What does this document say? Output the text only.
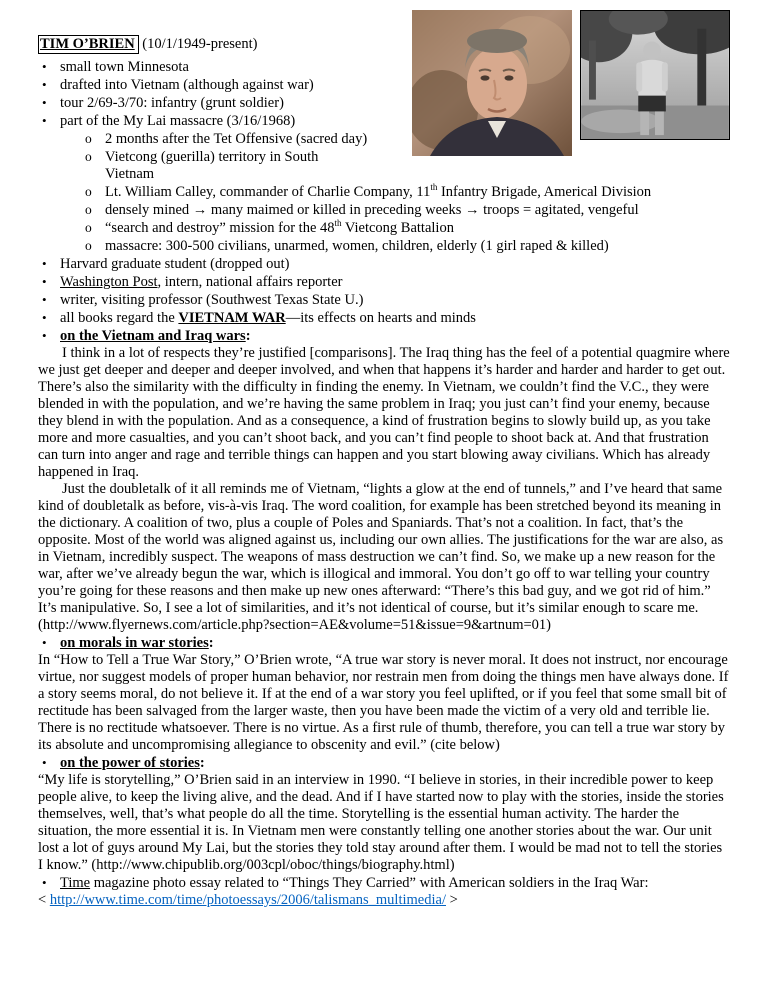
TIM O’BRIEN (10/1/1949-present)
• small town Minnesota
• drafted into Vietnam (although against war)
• tour 2/69-3/70: infantry (grunt soldier)
• part of the My Lai massacre (3/16/1968)
o 2 months after the Tet Offensive (sacred day)
o Vietcong (guerilla) territory in South Vietnam
o Lt. William Calley, commander of Charlie Company, 11th Infantry Brigade, Americal Division
o densely mined → many maimed or killed in preceding weeks → troops = agitated, vengeful
o “search and destroy” mission for the 48th Vietcong Battalion
o massacre: 300-500 civilians, unarmed, women, children, elderly (1 girl raped & killed)
• Harvard graduate student (dropped out)
• Washington Post, intern, national affairs reporter
• writer, visiting professor (Southwest Texas State U.)
• all books regard the VIETNAM WAR—its effects on hearts and minds
• on the Vietnam and Iraq wars:

I think in a lot of respects they’re justified [comparisons]. The Iraq thing has the feel of a potential quagmire where we just get deeper and deeper and deeper involved, and when that happens it’s harder and harder and harder to get out. There’s also the similarity with the difficulty in finding the enemy. In Vietnam, we couldn’t find the V.C., they were blended in with the population, and we’re having the same problem in Iraq; you just can’t find your enemy, because they blend in with the population. And as a consequence, a kind of frustration begins to slowly build up, as you take more and more casualties, and you can’t shoot back, and you can’t find people to shoot back at. And that frustration can turn into anger and rage and terrible things can happen and you start blowing away civilians. Which has already happened in Iraq.

Just the doubletalk of it all reminds me of Vietnam, “lights a glow at the end of tunnels,” and I’ve heard that same kind of doubletalk as before, vis-à-vis Iraq. The word coalition, for example has been stretched beyond its meaning in the dictionary. A coalition of two, plus a couple of Poles and Spaniards. That’s not a coalition. In fact, that’s the opposite. Most of the world was aligned against us, including our own allies. The justifications for the war are also, as in Vietnam, incredibly suspect. The weapons of mass destruction we can’t find. So, we make up a new reason for the war, after we’ve already begun the war, which is illogical and immoral. You don’t go off to war telling your country you’re going for these reasons and then make up new ones afterward: “There’s this bad guy, and we got rid of him.” It’s manipulative. So, I see a lot of similarities, and it’s not identical of course, but it’s similar enough to scare me.

(http://www.flyernews.com/article.php?section=AE&volume=51&issue=9&artnum=01)
• on morals in war stories:

In “How to Tell a True War Story,” O’Brien wrote, “A true war story is never moral. It does not instruct, nor encourage virtue, nor suggest models of proper human behavior, nor restrain men from doing the things men have always done. If a story seems moral, do not believe it. If at the end of a war story you feel uplifted, or if you feel that some small bit of rectitude has been salvaged from the larger waste, then you have been made the victim of a very old and terrible lie. There is no rectitude whatsoever. There is no virtue. As a first rule of thumb, therefore, you can tell a true war story by its absolute and uncompromising allegiance to obscenity and evil.” (cite below)

• on the power of stories:

“My life is storytelling,” O’Brien said in an interview in 1990. “I believe in stories, in their incredible power to keep people alive, to keep the living alive, and the dead. And if I have started now to play with the stories, inside the stories themselves, well, that’s what people do all the time. Storytelling is the essential human activity. The harder the situation, the more essential it is. In Vietnam men were constantly telling one another stories about the war. Our unit lost a lot of guys around My Lai, but the stories they told stay around after them. I would be mad not to tell the stories I know.” (http://www.chipublib.org/003cpl/oboc/things/biography.html)

• Time magazine photo essay related to “Things They Carried” with American soldiers in the Iraq War:
< http://www.time.com/time/photoessays/2006/talismans_multimedia/ >
